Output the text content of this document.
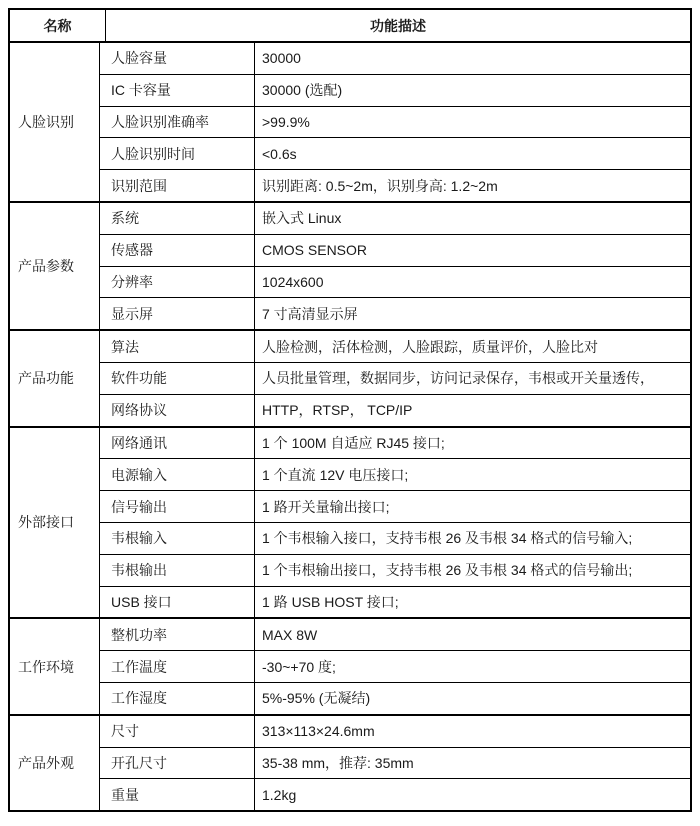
名称	功能描述
人脸识别
人脸容量	30000
IC 卡容量	30000 (选配)
人脸识别准确率	>99.9%
人脸识别时间	<0.6s
识别范围	识别距离: 0.5~2m，识别身高: 1.2~2m
产品参数
系统	嵌入式 Linux
传感器	CMOS SENSOR
分辨率	1024x600
显示屏	7 寸高清显示屏
产品功能
算法	人脸检测，活体检测，人脸跟踪，质量评价，人脸比对
软件功能	人员批量管理，数据同步，访问记录保存，韦根或开关量透传，
网络协议	HTTP，RTSP， TCP/IP
外部接口
网络通讯	1 个 100M 自适应 RJ45 接口;
电源输入	1 个直流 12V 电压接口;
信号输出	1 路开关量输出接口;
韦根输入	1 个韦根输入接口，支持韦根 26 及韦根 34 格式的信号输入;
韦根输出	1 个韦根输出接口，支持韦根 26 及韦根 34 格式的信号输出;
USB 接口	1 路 USB HOST 接口;
工作环境
整机功率	MAX 8W
工作温度	-30~+70 度;
工作湿度	5%-95% (无凝结)
产品外观
尺寸	313×113×24.6mm
开孔尺寸	35-38 mm，推荐: 35mm
重量	1.2kg
